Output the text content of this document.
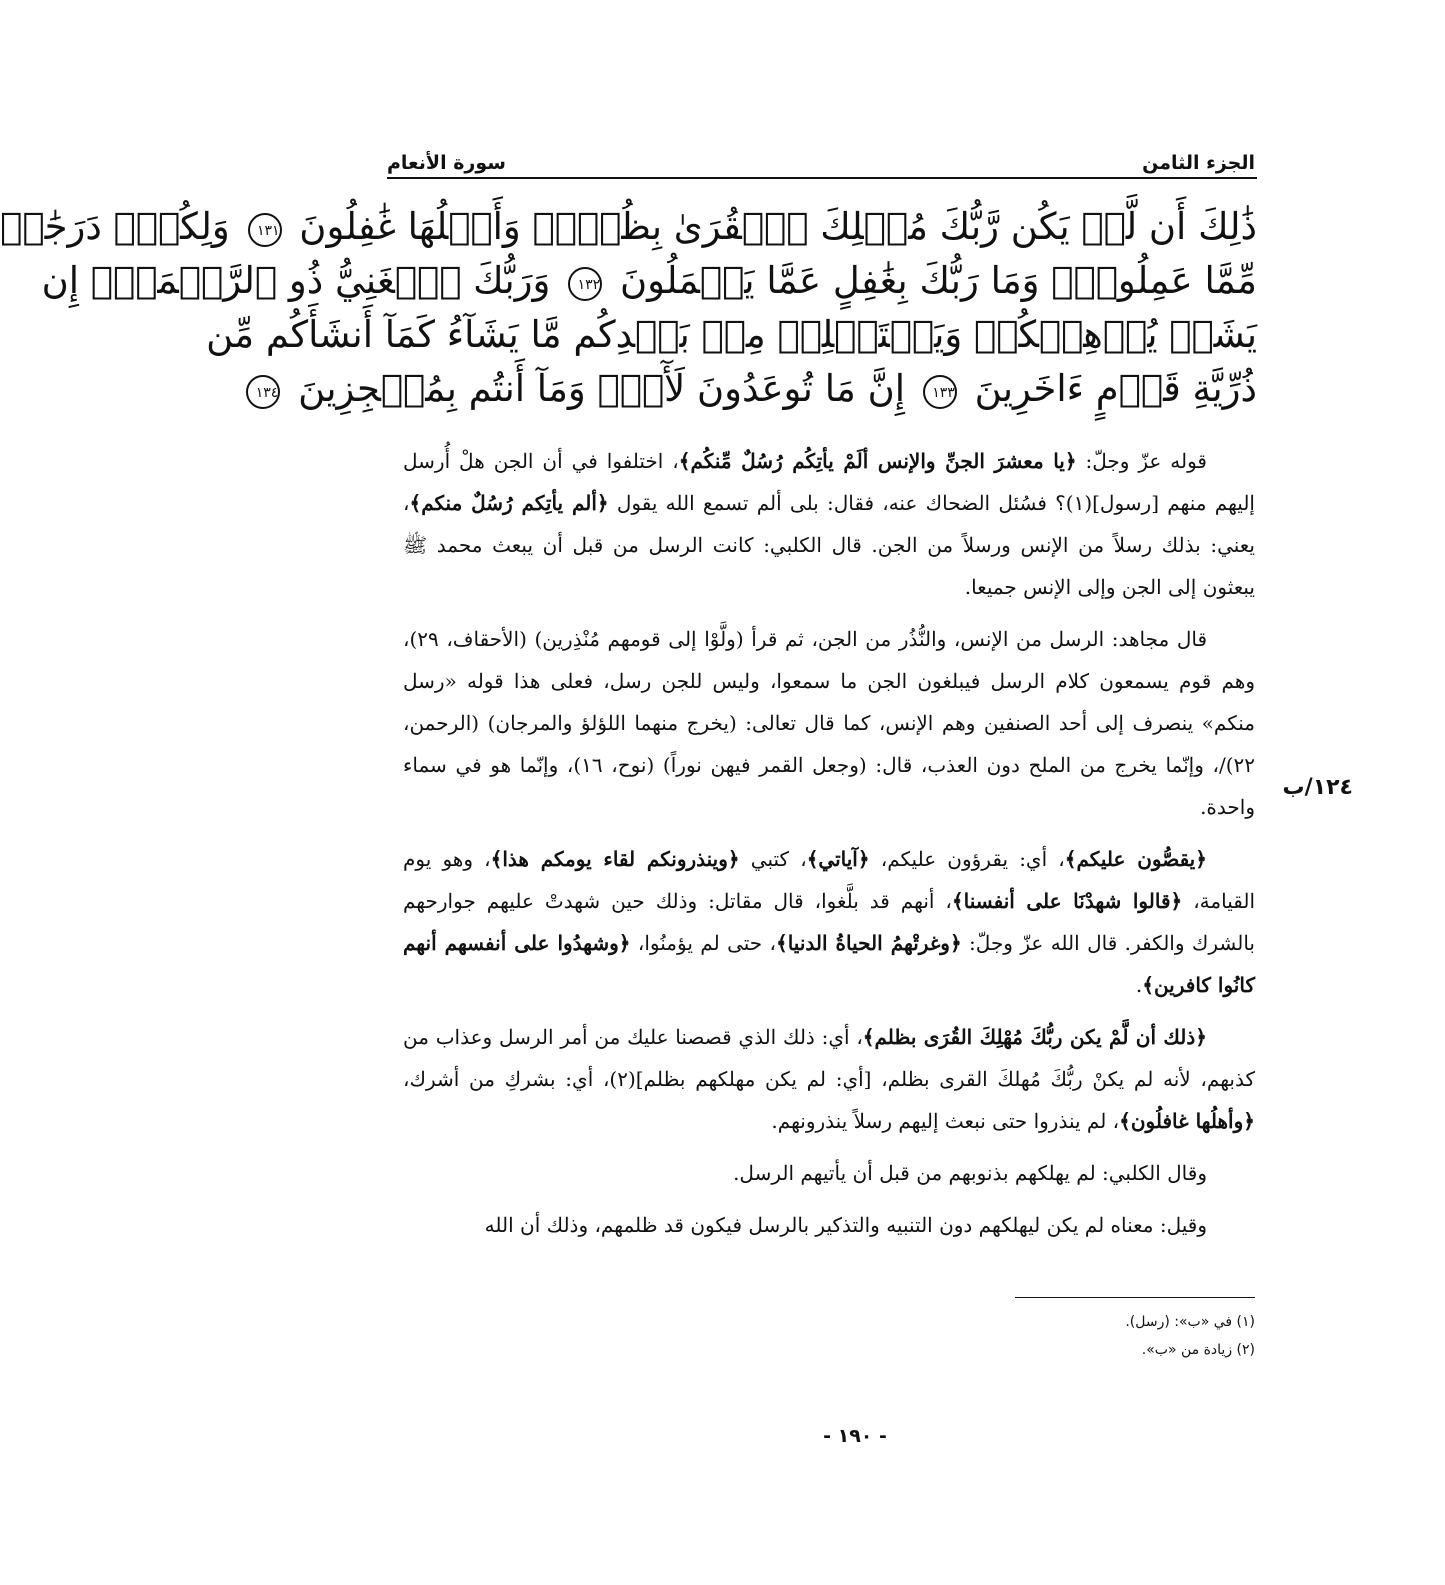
الجزء الثامن
سورة الأنعام
ذَٰلِكَ أَن لَّمۡ يَكُن رَّبُّكَ مُهۡلِكَ ٱلۡقُرَىٰ بِظُلۡمٖ وَأَهۡلُهَا غَٰفِلُونَ ١٣١ وَلِكُلّٖ دَرَجَٰتٞ
مِّمَّا عَمِلُواْۚ وَمَا رَبُّكَ بِغَٰفِلٍ عَمَّا يَعۡمَلُونَ ١٣٢ وَرَبُّكَ ٱلۡغَنِيُّ ذُو ٱلرَّحۡمَةِۚ إِن
يَشَأۡ يُذۡهِبۡكُمۡ وَيَسۡتَخۡلِفۡ مِنۢ بَعۡدِكُم مَّا يَشَآءُ كَمَآ أَنشَأَكُم مِّن
ذُرِّيَّةِ قَوۡمٍ ءَاخَرِينَ ١٣٣ إِنَّ مَا تُوعَدُونَ لَأٓتٖۖ وَمَآ أَنتُم بِمُعۡجِزِينَ ١٣٤

قوله عزّ وجلّ: ﴿يا معشرَ الجنِّ والإنس ألَمْ يأتِكُم رُسُلٌ مِّنكُم﴾، اختلفوا في أن الجن هلْ أُرسل إليهم منهم [رسول](١)؟ فسُئل الضحاك عنه، فقال: بلى ألم تسمع الله يقول ﴿ألم يأتِكم رُسُلٌ منكم﴾، يعني: بذلك رسلاً من الإنس ورسلاً من الجن. قال الكلبي: كانت الرسل من قبل أن يبعث محمد ﷺ يبعثون إلى الجن وإلى الإنس جميعا.

قال مجاهد: الرسل من الإنس، والنُّذُر من الجن، ثم قرأ (ولَّوْا إلى قومهم مُنْذِرين) (الأحقاف، ٢٩)، وهم قوم يسمعون كلام الرسل فيبلغون الجن ما سمعوا، وليس للجن رسل، فعلى هذا قوله «رسل منكم» ينصرف إلى أحد الصنفين وهم الإنس، كما قال تعالى: (يخرج منهما اللؤلؤ والمرجان) (الرحمن، ٢٢)/، وإنّما يخرج من الملح دون العذب، قال: (وجعل القمر فيهن نوراً) (نوح، ١٦)، وإنّما هو في سماء واحدة.

﴿يقصُّون عليكم﴾، أي: يقرؤون عليكم، ﴿آياتي﴾، كتبي ﴿وينذرونكم لقاء يومكم هذا﴾، وهو يوم القيامة، ﴿قالوا شهدْنَا على أنفسنا﴾، أنهم قد بلَّغوا، قال مقاتل: وذلك حين شهدتْ عليهم جوارحهم بالشرك والكفر. قال الله عزّ وجلّ: ﴿وغرتْهمُ الحياةُ الدنيا﴾، حتى لم يؤمنُوا، ﴿وشهدُوا على أنفسهم أنهم كانُوا كافرين﴾.

﴿ذلك أن لَّمْ يكن ربُّكَ مُهْلِكَ القُرَى بظلم﴾، أي: ذلك الذي قصصنا عليك من أمر الرسل وعذاب من كذبهم، لأنه لم يكنْ ربُّكَ مُهلكَ القرى بظلم، [أي: لم يكن مهلكهم بظلم](٢)، أي: بشركِ من أشرك، ﴿وأهلُها غافلُون﴾، لم ينذروا حتى نبعث إليهم رسلاً ينذرونهم.

وقال الكلبي: لم يهلكهم بذنوبهم من قبل أن يأتيهم الرسل.

وقيل: معناه لم يكن ليهلكهم دون التنبيه والتذكير بالرسل فيكون قد ظلمهم، وذلك أن الله

١٢٤/ب
(١) في «ب»: (رسل).
(٢) زيادة من «ب».
- ١٩٠ -
